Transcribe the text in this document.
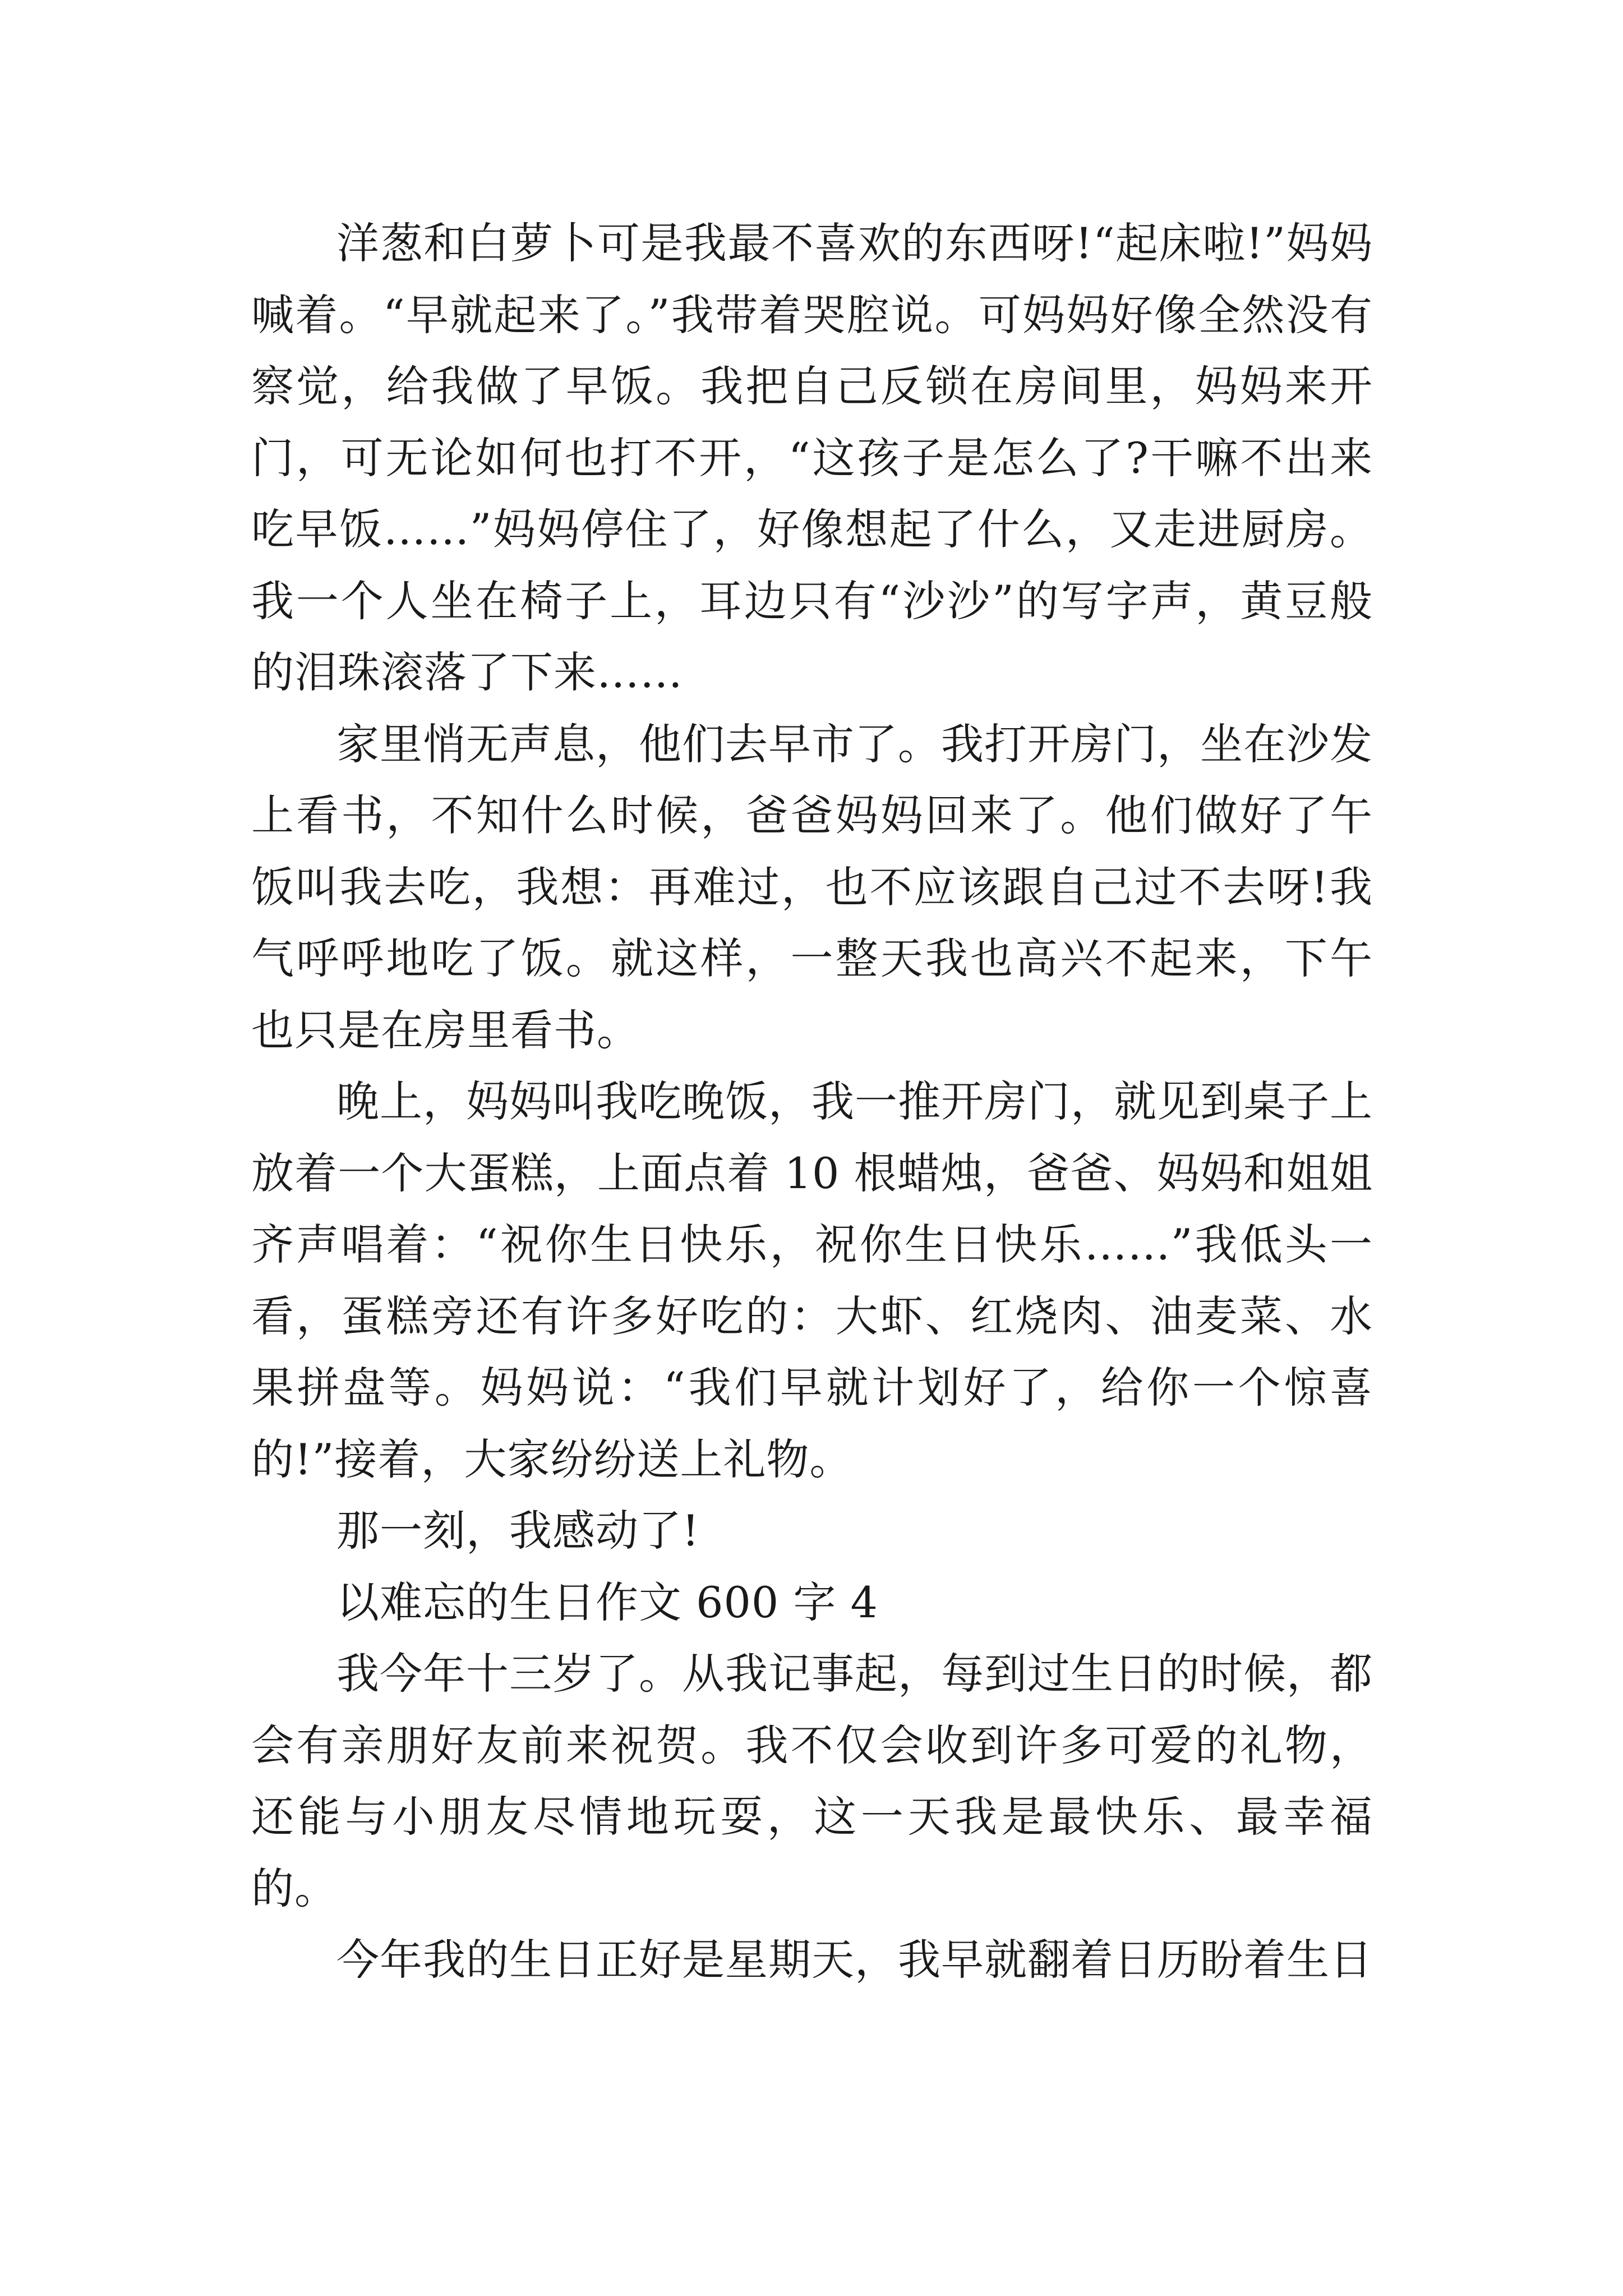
洋葱和白萝卜可是我最不喜欢的东西呀!“起床啦!”妈妈喊着。“早就起来了。”我带着哭腔说。可妈妈好像全然没有察觉，给我做了早饭。我把自己反锁在房间里，妈妈来开门，可无论如何也打不开，“这孩子是怎么了?干嘛不出来吃早饭……”妈妈停住了，好像想起了什么，又走进厨房。我一个人坐在椅子上，耳边只有“沙沙”的写字声，黄豆般的泪珠滚落了下来……

家里悄无声息，他们去早市了。我打开房门，坐在沙发上看书，不知什么时候，爸爸妈妈回来了。他们做好了午饭叫我去吃，我想：再难过，也不应该跟自己过不去呀!我气呼呼地吃了饭。就这样，一整天我也高兴不起来，下午也只是在房里看书。

晚上，妈妈叫我吃晚饭，我一推开房门，就见到桌子上放着一个大蛋糕，上面点着 10 根蜡烛，爸爸、妈妈和姐姐齐声唱着：“祝你生日快乐，祝你生日快乐……”我低头一看，蛋糕旁还有许多好吃的：大虾、红烧肉、油麦菜、水果拼盘等。妈妈说：“我们早就计划好了，给你一个惊喜的!”接着，大家纷纷送上礼物。

那一刻，我感动了!

以难忘的生日作文 600 字 4

我今年十三岁了。从我记事起，每到过生日的时候，都会有亲朋好友前来祝贺。我不仅会收到许多可爱的礼物，还能与小朋友尽情地玩耍，这一天我是最快乐、最幸福的。

今年我的生日正好是星期天，我早就翻着日历盼着生日
